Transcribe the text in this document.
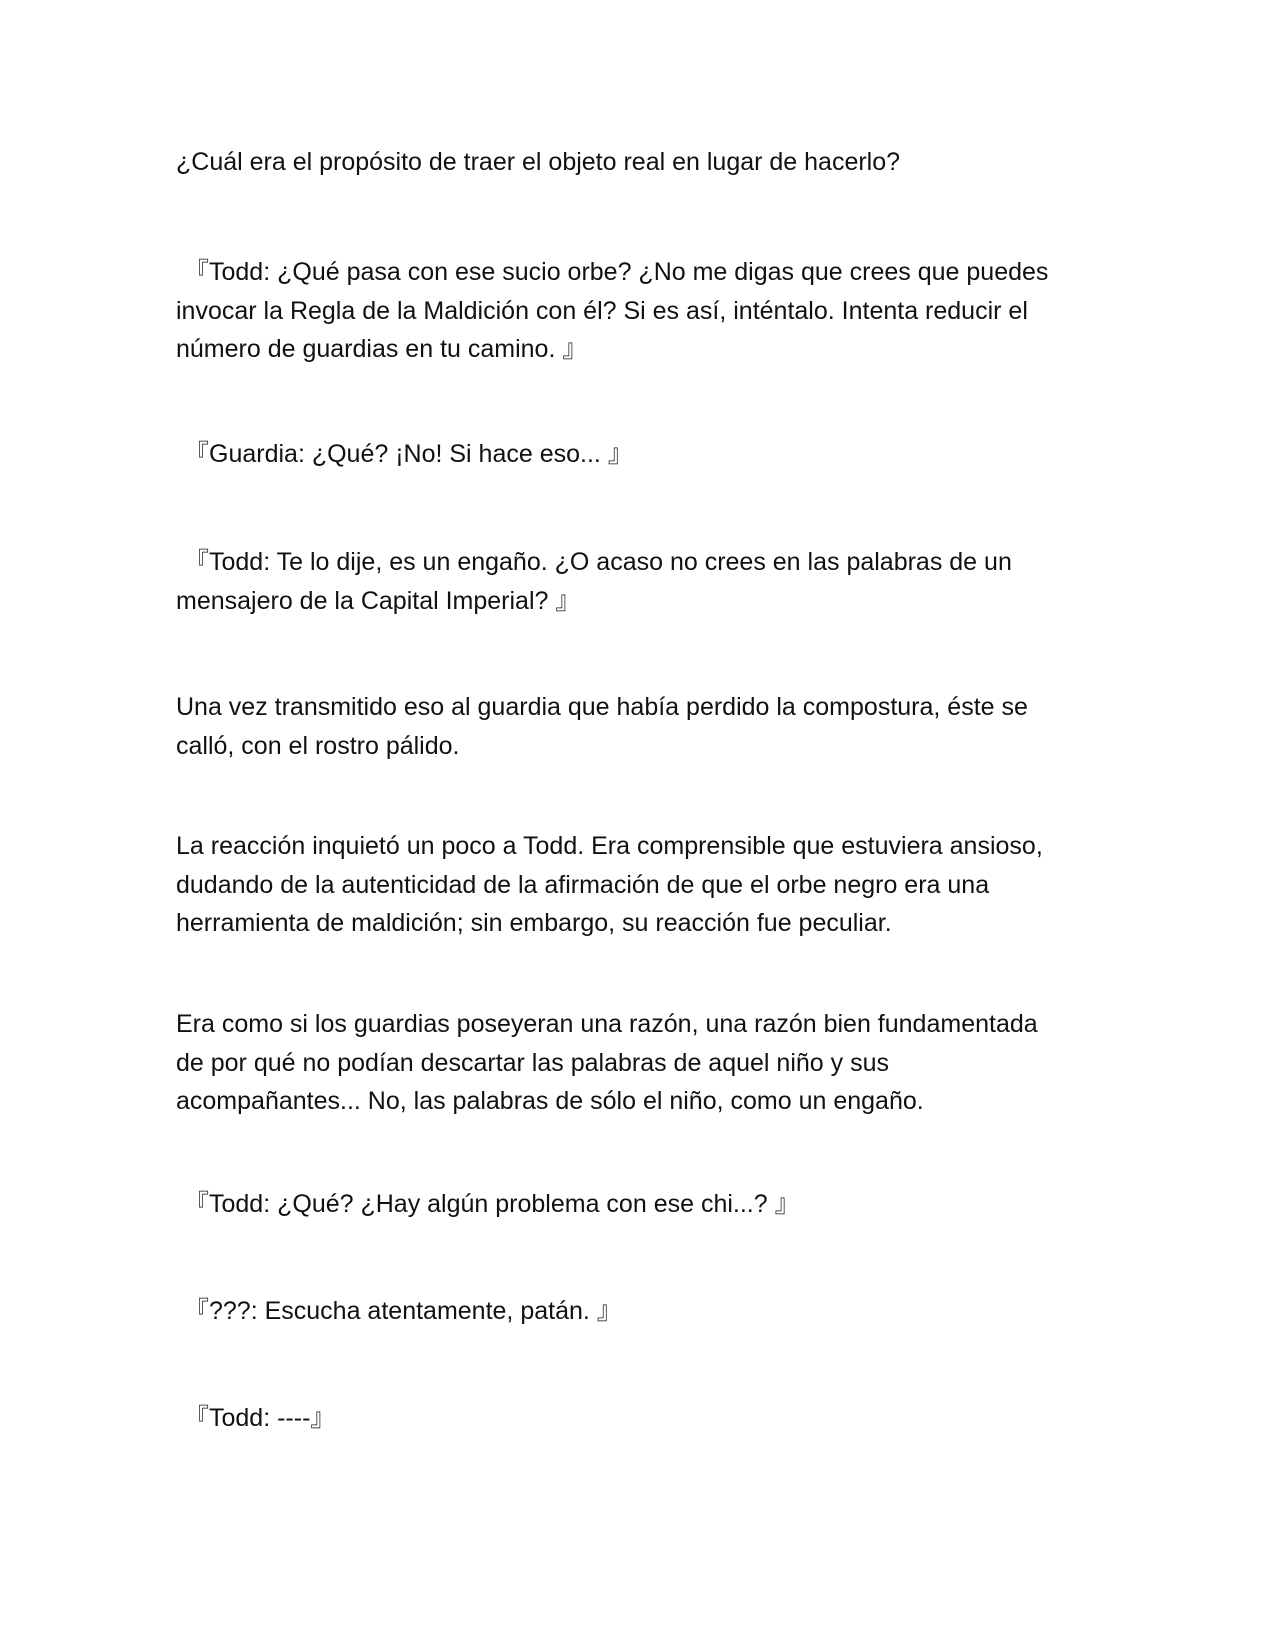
¿Cuál era el propósito de traer el objeto real en lugar de hacerlo?

『Todd: ¿Qué pasa con ese sucio orbe? ¿No me digas que crees que puedes
invocar la Regla de la Maldición con él? Si es así, inténtalo. Intenta reducir el
número de guardias en tu camino. 』

『Guardia: ¿Qué? ¡No! Si hace eso... 』

『Todd: Te lo dije, es un engaño. ¿O acaso no crees en las palabras de un
mensajero de la Capital Imperial? 』

Una vez transmitido eso al guardia que había perdido la compostura, éste se
calló, con el rostro pálido.

La reacción inquietó un poco a Todd. Era comprensible que estuviera ansioso,
dudando de la autenticidad de la afirmación de que el orbe negro era una
herramienta de maldición; sin embargo, su reacción fue peculiar.

Era como si los guardias poseyeran una razón, una razón bien fundamentada
de por qué no podían descartar las palabras de aquel niño y sus
acompañantes... No, las palabras de sólo el niño, como un engaño.

『Todd: ¿Qué? ¿Hay algún problema con ese chi...? 』

『???: Escucha atentamente, patán. 』

『Todd: ----』
